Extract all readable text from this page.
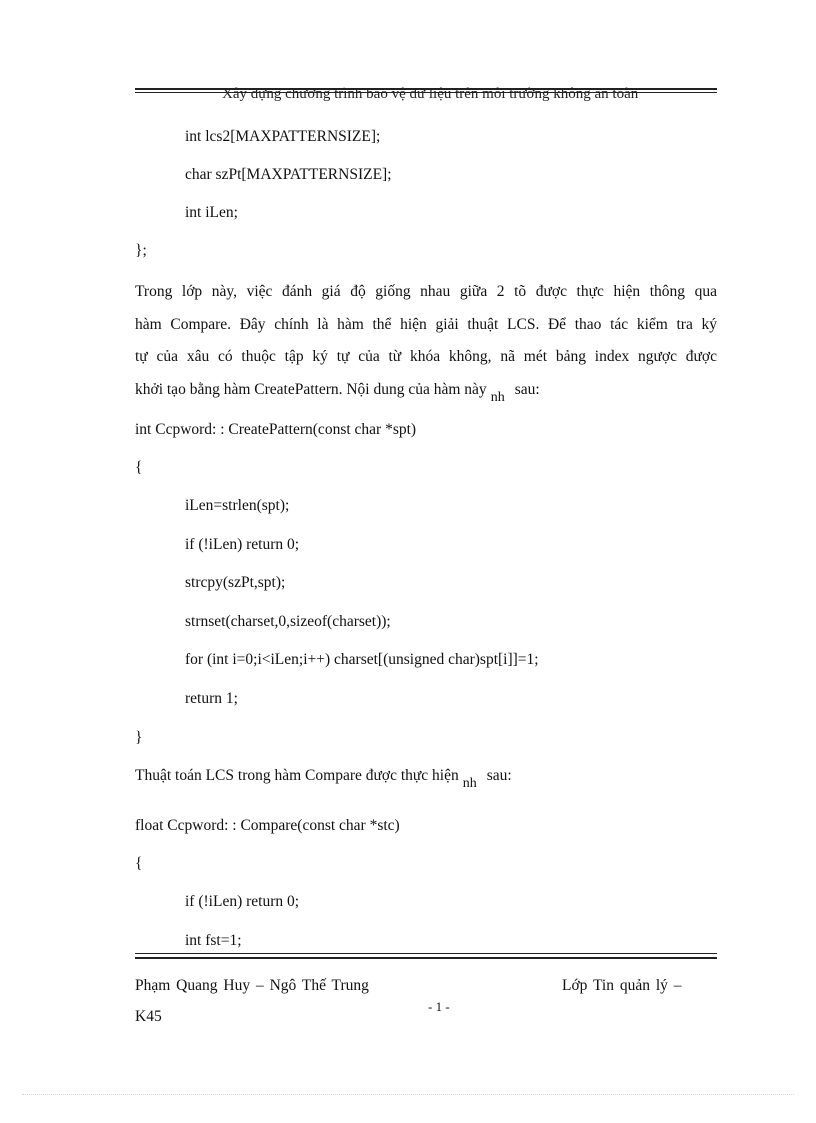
Xây dựng chương trình bảo vệ dữ liệu trên môi trường không an toàn
int lcs2[MAXPATTERNSIZE];
char szPt[MAXPATTERNSIZE];
int iLen;
};
Trong lớp này, việc đánh giá độ giống nhau giữa 2 tõ được thực hiện thông qua
hàm Compare. Đây chính là hàm thể hiện giải thuật LCS. Để thao tác kiểm tra ký
tự của xâu có thuộc tập ký tự của từ khóa không, nã mét bảng index ngược được
khởi tạo bằng hàm CreatePattern. Nội dung của hàm này nh sau:
int Ccpword: : CreatePattern(const char *spt)
{
iLen=strlen(spt);
if (!iLen) return 0;
strcpy(szPt,spt);
strnset(charset,0,sizeof(charset));
for (int i=0;i<iLen;i++) charset[(unsigned char)spt[i]]=1;
return 1;
}
Thuật toán LCS trong hàm Compare được thực hiện nh sau:
float Ccpword: : Compare(const char *stc)
{
if (!iLen) return 0;
int fst=1;
Phạm Quang Huy – Ngô Thế Trung	Lớp Tin quản lý –
- 1 -
K45
